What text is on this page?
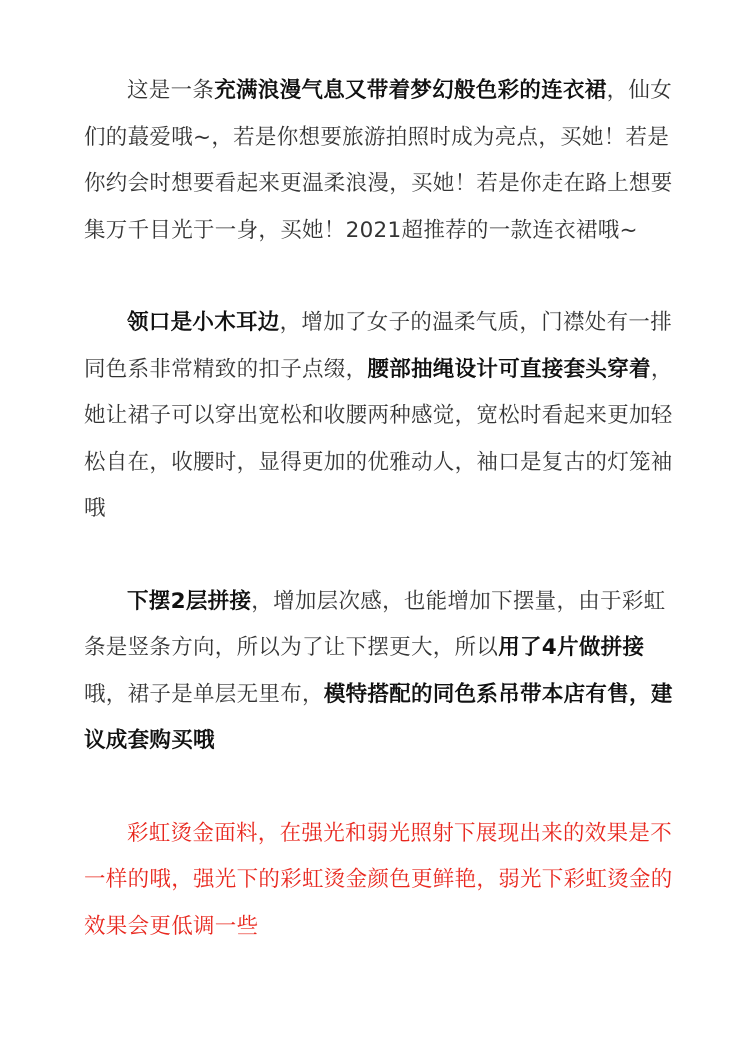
这是一条充满浪漫气息又带着梦幻般色彩的连衣裙，仙女们的蕞爱哦~，若是你想要旅游拍照时成为亮点，买她！若是你约会时想要看起来更温柔浪漫，买她！若是你走在路上想要集万千目光于一身，买她！2021超推荐的一款连衣裙哦~

领口是小木耳边，增加了女子的温柔气质，门襟处有一排同色系非常精致的扣子点缀，腰部抽绳设计可直接套头穿着，她让裙子可以穿出宽松和收腰两种感觉，宽松时看起来更加轻松自在，收腰时，显得更加的优雅动人，袖口是复古的灯笼袖哦

下摆2层拼接，增加层次感，也能增加下摆量，由于彩虹条是竖条方向，所以为了让下摆更大，所以用了4片做拼接哦，裙子是单层无里布，模特搭配的同色系吊带本店有售，建议成套购买哦

彩虹烫金面料，在强光和弱光照射下展现出来的效果是不一样的哦，强光下的彩虹烫金颜色更鲜艳，弱光下彩虹烫金的效果会更低调一些
